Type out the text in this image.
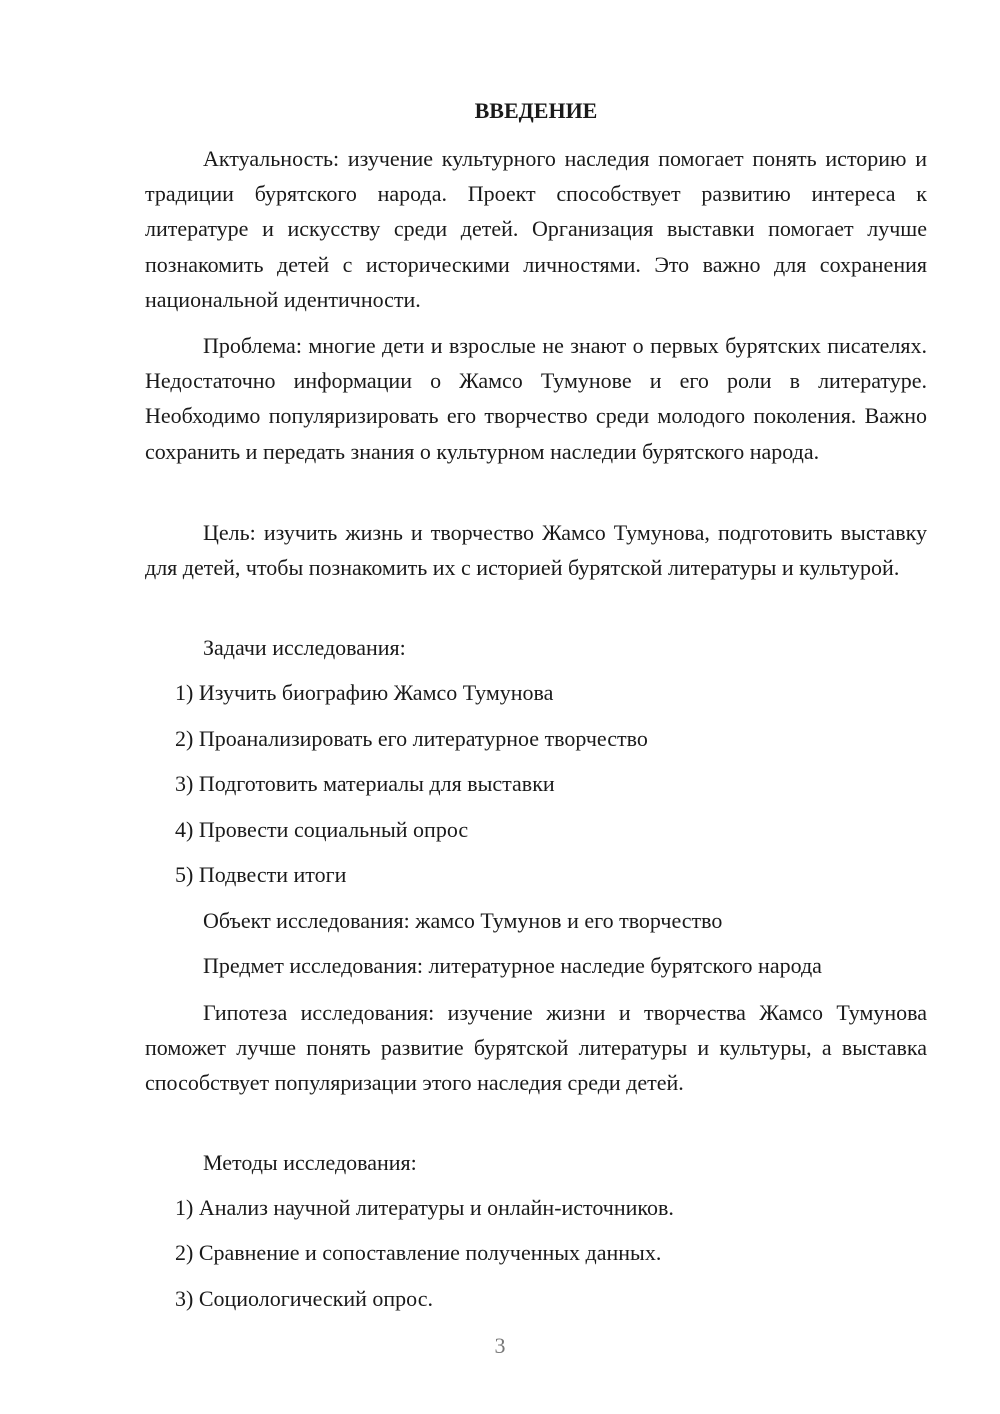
ВВЕДЕНИЕ

Актуальность: изучение культурного наследия помогает понять историю и традиции бурятского народа. Проект способствует развитию интереса к литературе и искусству среди детей. Организация выставки помогает лучше познакомить детей с историческими личностями. Это важно для сохранения национальной идентичности.

Проблема: многие дети и взрослые не знают о первых бурятских писателях. Недостаточно информации о Жамсо Тумунове и его роли в литературе. Необходимо популяризировать его творчество среди молодого поколения. Важно сохранить и передать знания о культурном наследии бурятского народа.

Цель: изучить жизнь и творчество Жамсо Тумунова, подготовить выставку для детей, чтобы познакомить их с историей бурятской литературы и культурой.

Задачи исследования:
1) Изучить биографию Жамсо Тумунова
2) Проанализировать его литературное творчество
3) Подготовить материалы для выставки
4) Провести социальный опрос
5) Подвести итоги
Объект исследования: жамсо Тумунов и его творчество
Предмет исследования: литературное наследие бурятского народа

Гипотеза исследования: изучение жизни и творчества Жамсо Тумунова поможет лучше понять развитие бурятской литературы и культуры, а выставка способствует популяризации этого наследия среди детей.

Методы исследования:
1) Анализ научной литературы и онлайн-источников.
2) Сравнение и сопоставление полученных данных.
3) Социологический опрос.
3
